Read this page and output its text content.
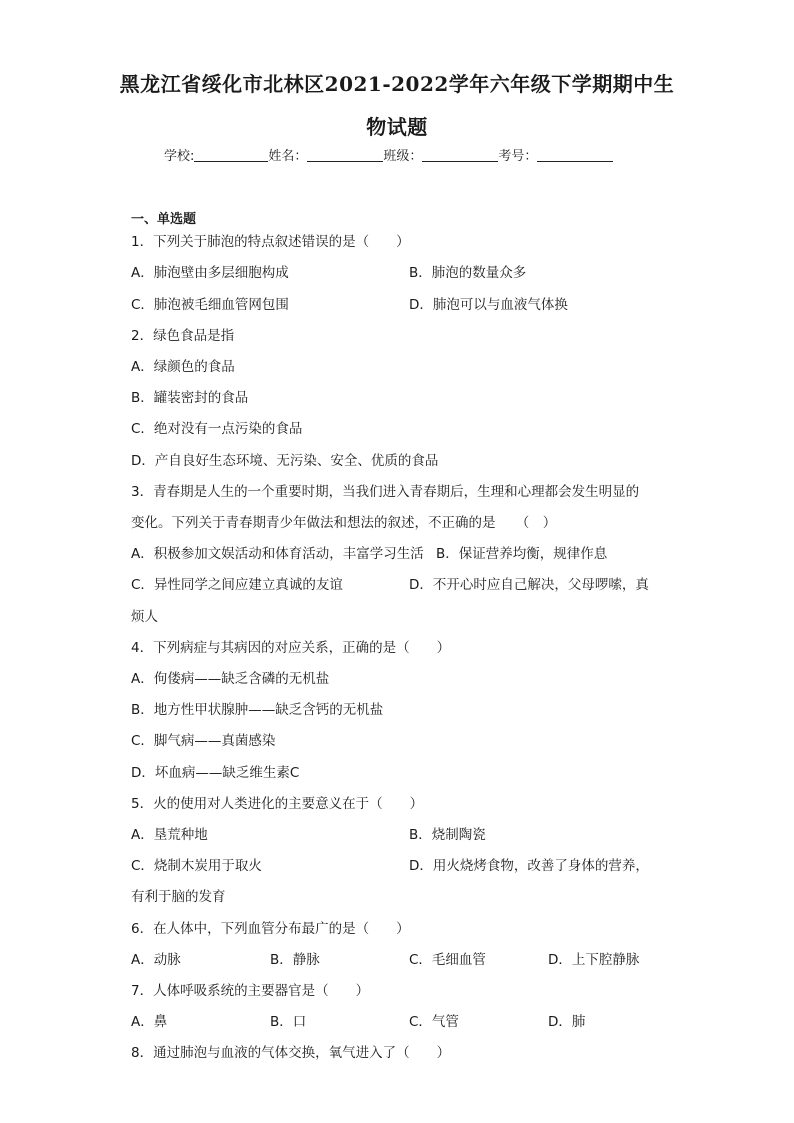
黑龙江省绥化市北林区2021-2022学年六年级下学期期中生
物试题
学校:	姓名：	班级：	考号：
一、单选题
1．下列关于肺泡的特点叙述错误的是（　　）
A．肺泡壁由多层细胞构成	B．肺泡的数量众多
C．肺泡被毛细血管网包围	D．肺泡可以与血液气体换
2．绿色食品是指
A．绿颜色的食品
B．罐装密封的食品
C．绝对没有一点污染的食品
D．产自良好生态环境、无污染、安全、优质的食品
3．青春期是人生的一个重要时期，当我们进入青春期后，生理和心理都会发生明显的
变化。下列关于青春期青少年做法和想法的叙述，不正确的是　　（　）
A．积极参加文娱活动和体育活动，丰富学习生活 B．保证营养均衡，规律作息
C．异性同学之间应建立真诚的友谊	D．不开心时应自己解决，父母啰嗦，真
烦人
4．下列病症与其病因的对应关系，正确的是（　　）
A．佝偻病——缺乏含磷的无机盐
B．地方性甲状腺肿——缺乏含钙的无机盐
C．脚气病——真菌感染
D．坏血病——缺乏维生素C
5．火的使用对人类进化的主要意义在于（　　）
A．垦荒种地	B．烧制陶瓷
C．烧制木炭用于取火	D．用火烧烤食物，改善了身体的营养，
有利于脑的发育
6．在人体中，下列血管分布最广的是（　　）
A．动脉	B．静脉	C．毛细血管	D．上下腔静脉
7．人体呼吸系统的主要器官是（　　）
A．鼻	B．口	C．气管	D．肺
8．通过肺泡与血液的气体交换，氧气进入了（　　）
